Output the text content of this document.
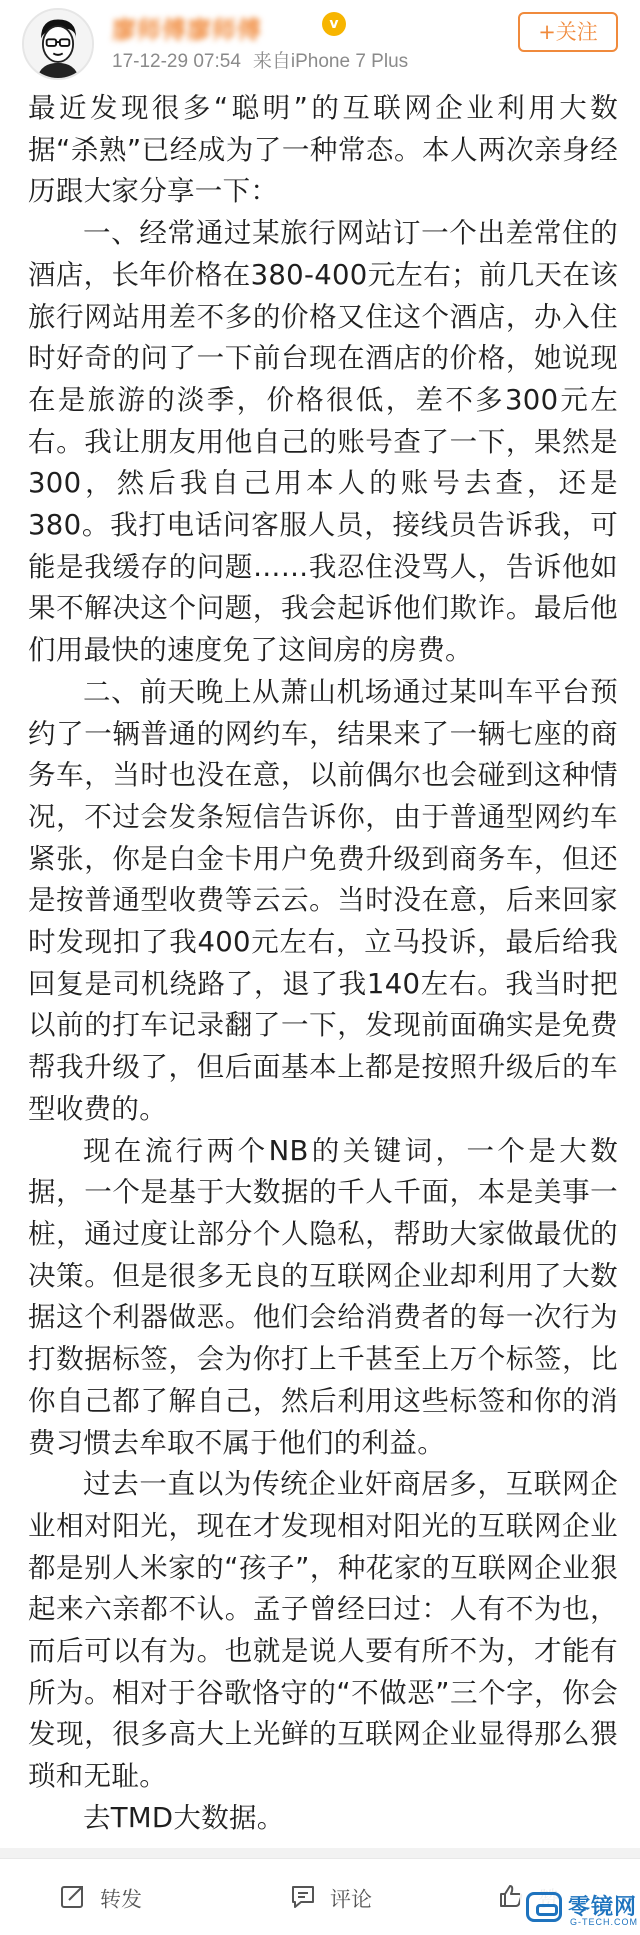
廖师傅廖师傅	v
17-12-29 07:54 来自iPhone 7 Plus
+关注

最近发现很多“聪明”的互联网企业利用大数据“杀熟”已经成为了一种常态。本人两次亲身经历跟大家分享一下：

一、经常通过某旅行网站订一个出差常住的酒店，长年价格在380-400元左右；前几天在该旅行网站用差不多的价格又住这个酒店，办入住时好奇的问了一下前台现在酒店的价格，她说现在是旅游的淡季，价格很低，差不多300元左右。我让朋友用他自己的账号查了一下，果然是300，然后我自己用本人的账号去查，还是380。我打电话问客服人员，接线员告诉我，可能是我缓存的问题……我忍住没骂人，告诉他如果不解决这个问题，我会起诉他们欺诈。最后他们用最快的速度免了这间房的房费。

二、前天晚上从萧山机场通过某叫车平台预约了一辆普通的网约车，结果来了一辆七座的商务车，当时也没在意，以前偶尔也会碰到这种情况，不过会发条短信告诉你，由于普通型网约车紧张，你是白金卡用户免费升级到商务车，但还是按普通型收费等云云。当时没在意，后来回家时发现扣了我400元左右，立马投诉，最后给我回复是司机绕路了，退了我140左右。我当时把以前的打车记录翻了一下，发现前面确实是免费帮我升级了，但后面基本上都是按照升级后的车型收费的。

现在流行两个NB的关键词，一个是大数据，一个是基于大数据的千人千面，本是美事一桩，通过度让部分个人隐私，帮助大家做最优的决策。但是很多无良的互联网企业却利用了大数据这个利器做恶。他们会给消费者的每一次行为打数据标签，会为你打上千甚至上万个标签，比你自己都了解自己，然后利用这些标签和你的消费习惯去牟取不属于他们的利益。

过去一直以为传统企业奸商居多，互联网企业相对阳光，现在才发现相对阳光的互联网企业都是别人米家的“孩子”，种花家的互联网企业狠起来六亲都不认。孟子曾经曰过：人有不为也，而后可以有为。也就是说人要有所不为，才能有所为。相对于谷歌恪守的“不做恶”三个字，你会发现，很多高大上光鲜的互联网企业显得那么猥琐和无耻。

去TMD大数据。

转发	评论	零镜网
G-TECH.COM
